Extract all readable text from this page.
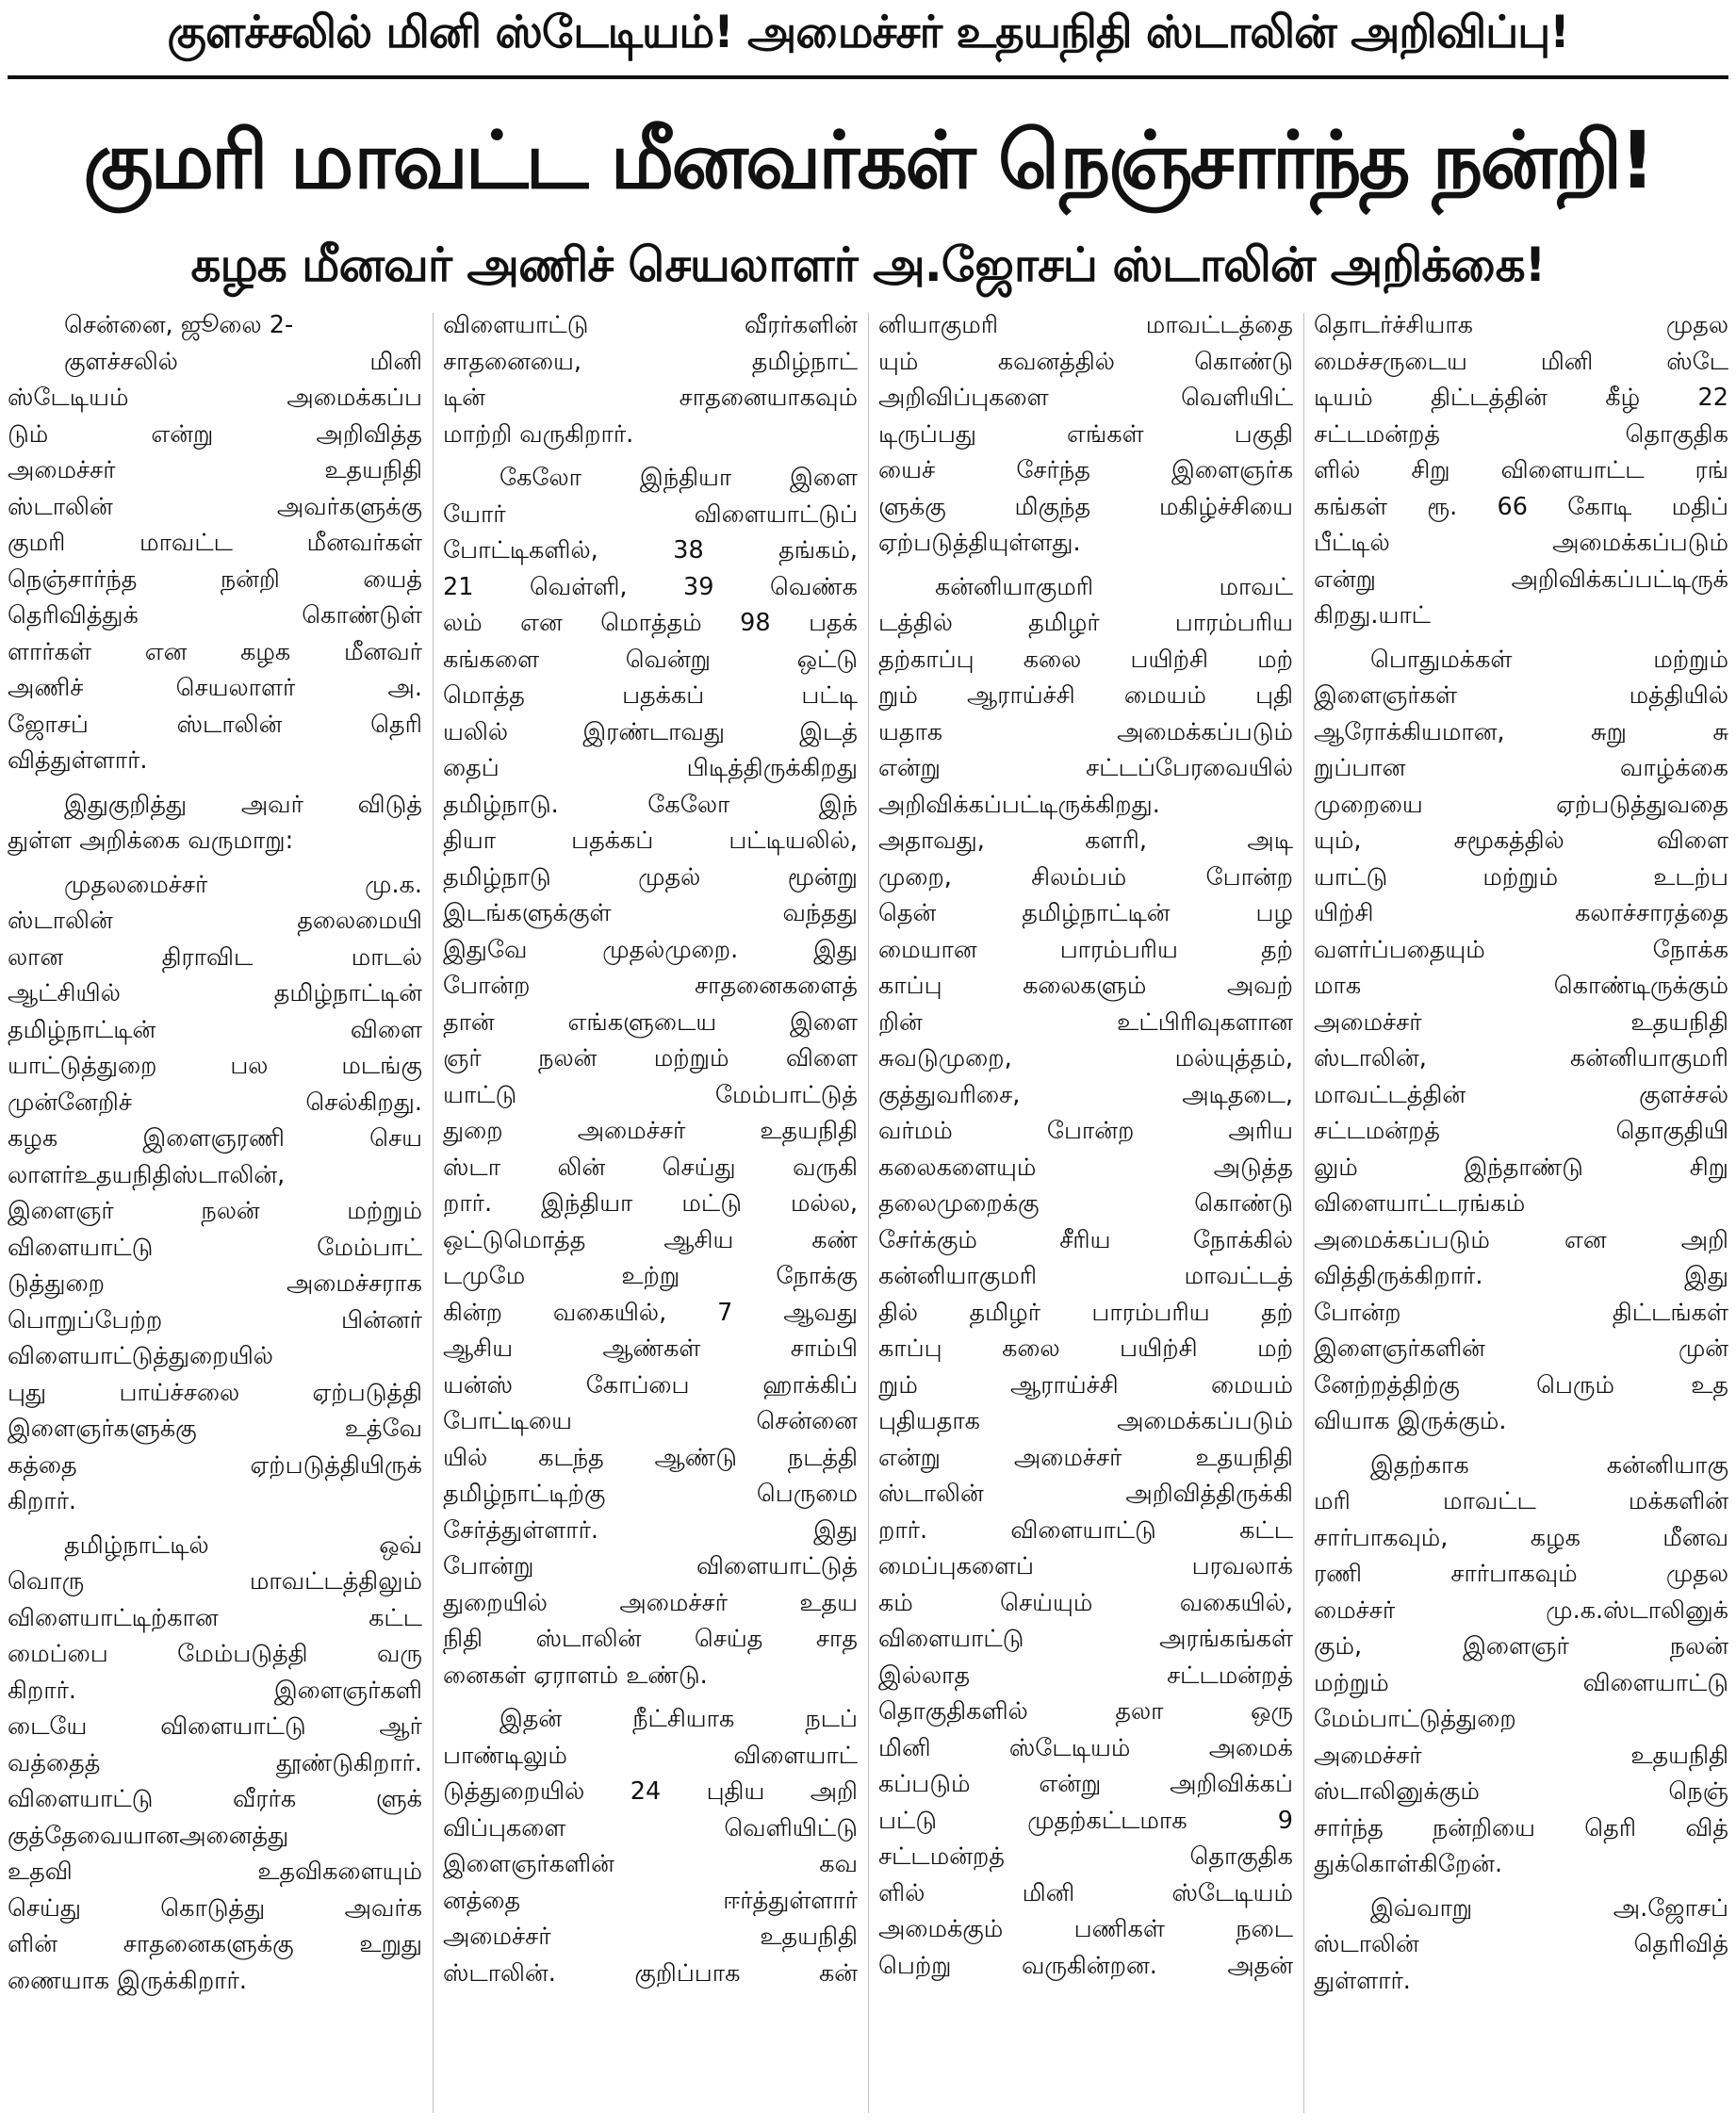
குளச்சலில் மினி ஸ்டேடியம்! அமைச்சர் உதயநிதி ஸ்டாலின் அறிவிப்பு!
குமரி மாவட்ட மீனவர்கள் நெஞ்சார்ந்த நன்றி!
கழக மீனவர் அணிச் செயலாளர் அ.ஜோசப் ஸ்டாலின் அறிக்கை!
சென்னை, ஜூலை 2-
குளச்சலில் மினி
ஸ்டேடியம் அமைக்கப்ப
டும் என்று அறிவித்த
அமைச்சர் உதயநிதி
ஸ்டாலின் அவர்களுக்கு
குமரி மாவட்ட மீனவர்கள்
நெஞ்சார்ந்த நன்றி யைத்
தெரிவித்துக் கொண்டுள்
ளார்கள் என கழக மீனவர்
அணிச் செயலாளர் அ.
ஜோசப் ஸ்டாலின் தெரி
வித்துள்ளார்.
இதுகுறித்து அவர் விடுத்
துள்ள அறிக்கை வருமாறு:
முதலமைச்சர் மு.க.
ஸ்டாலின் தலைமையி
லான திராவிட மாடல்
ஆட்சியில் தமிழ்நாட்டின்
தமிழ்நாட்டின் விளை
யாட்டுத்துறை பல மடங்கு
முன்னேறிச் செல்கிறது.
கழக இளைஞரணி செய
லாளர்உதயநிதிஸ்டாலின்,
இளைஞர் நலன் மற்றும்
விளையாட்டு மேம்பாட்
டுத்துறை அமைச்சராக
பொறுப்பேற்ற பின்னர்
விளையாட்டுத்துறையில்
புது பாய்ச்சலை ஏற்படுத்தி
இளைஞர்களுக்கு உத்வே
கத்தை ஏற்படுத்தியிருக்
கிறார்.
தமிழ்நாட்டில் ஒவ்
வொரு மாவட்டத்திலும்
விளையாட்டிற்கான கட்ட
மைப்பை மேம்படுத்தி வரு
கிறார். இளைஞர்களி
டையே விளையாட்டு ஆர்
வத்தைத் தூண்டுகிறார்.
விளையாட்டு வீரர்க ளுக்
குத்தேவையானஅனைத்து
உதவி உதவிகளையும்
செய்து கொடுத்து அவர்க
ளின் சாதனைகளுக்கு உறுது
ணையாக இருக்கிறார்.
விளையாட்டு வீரர்களின்
சாதனையை, தமிழ்நாட்
டின் சாதனையாகவும்
மாற்றி வருகிறார்.
கேலோ இந்தியா இளை
யோர் விளையாட்டுப்
போட்டிகளில், 38 தங்கம்,
21 வெள்ளி, 39 வெண்க
லம் என மொத்தம் 98 பதக்
கங்களை வென்று ஒட்டு
மொத்த பதக்கப் பட்டி
யலில் இரண்டாவது இடத்
தைப் பிடித்திருக்கிறது
தமிழ்நாடு. கேலோ இந்
தியா பதக்கப் பட்டியலில்,
தமிழ்நாடு முதல் மூன்று
இடங்களுக்குள் வந்தது
இதுவே முதல்முறை. இது
போன்ற சாதனைகளைத்
தான் எங்களுடைய இளை
ஞர் நலன் மற்றும் விளை
யாட்டு மேம்பாட்டுத்
துறை அமைச்சர் உதயநிதி
ஸ்டா லின் செய்து வருகி
றார். இந்தியா மட்டு மல்ல,
ஒட்டுமொத்த ஆசிய கண்
டமுமே உற்று நோக்கு
கின்ற வகையில், 7 ஆவது
ஆசிய ஆண்கள் சாம்பி
யன்ஸ் கோப்பை ஹாக்கிப்
போட்டியை சென்னை
யில் கடந்த ஆண்டு நடத்தி
தமிழ்நாட்டிற்கு பெருமை
சேர்த்துள்ளார். இது
போன்று விளையாட்டுத்
துறையில் அமைச்சர் உதய
நிதி ஸ்டாலின் செய்த சாத
னைகள் ஏராளம் உண்டு.
இதன் நீட்சியாக நடப்
பாண்டிலும் விளையாட்
டுத்துறையில் 24 புதிய அறி
விப்புகளை வெளியிட்டு
இளைஞர்களின் கவ
னத்தை ஈர்த்துள்ளார்
அமைச்சர் உதயநிதி
ஸ்டாலின். குறிப்பாக கன்
னியாகுமரி மாவட்டத்தை
யும் கவனத்தில் கொண்டு
அறிவிப்புகளை வெளியிட்
டிருப்பது எங்கள் பகுதி
யைச் சேர்ந்த இளைஞர்க
ளுக்கு மிகுந்த மகிழ்ச்சியை
ஏற்படுத்தியுள்ளது.
கன்னியாகுமரி மாவட்
டத்தில் தமிழர் பாரம்பரிய
தற்காப்பு கலை பயிற்சி மற்
றும் ஆராய்ச்சி மையம் புதி
யதாக அமைக்கப்படும்
என்று சட்டப்பேரவையில்
அறிவிக்கப்பட்டிருக்கிறது.
அதாவது, களரி, அடி
முறை, சிலம்பம் போன்ற
தென் தமிழ்நாட்டின் பழ
மையான பாரம்பரிய தற்
காப்பு கலைகளும் அவற்
றின் உட்பிரிவுகளான
சுவடுமுறை, மல்யுத்தம்,
குத்துவரிசை, அடிதடை,
வர்மம் போன்ற அரிய
கலைகளையும் அடுத்த
தலைமுறைக்கு கொண்டு
சேர்க்கும் சீரிய நோக்கில்
கன்னியாகுமரி மாவட்டத்
தில் தமிழர் பாரம்பரிய தற்
காப்பு கலை பயிற்சி மற்
றும் ஆராய்ச்சி மையம்
புதியதாக அமைக்கப்படும்
என்று அமைச்சர் உதயநிதி
ஸ்டாலின் அறிவித்திருக்கி
றார். விளையாட்டு கட்ட
மைப்புகளைப் பரவலாக்
கம் செய்யும் வகையில்,
விளையாட்டு அரங்கங்கள்
இல்லாத சட்டமன்றத்
தொகுதிகளில் தலா ஒரு
மினி ஸ்டேடியம் அமைக்
கப்படும் என்று அறிவிக்கப்
பட்டு முதற்கட்டமாக 9
சட்டமன்றத் தொகுதிக
ளில் மினி ஸ்டேடியம்
அமைக்கும் பணிகள் நடை
பெற்று வருகின்றன. அதன்
தொடர்ச்சியாக முதல
மைச்சருடைய மினி ஸ்டே
டியம் திட்டத்தின் கீழ் 22
சட்டமன்றத் தொகுதிக
ளில் சிறு விளையாட்ட ரங்
கங்கள் ரூ. 66 கோடி மதிப்
பீட்டில் அமைக்கப்படும்
என்று அறிவிக்கப்பட்டிருக்
கிறது.யாட்
பொதுமக்கள் மற்றும்
இளைஞர்கள் மத்தியில்
ஆரோக்கியமான, சுறு சு
றுப்பான வாழ்க்கை
முறையை ஏற்படுத்துவதை
யும், சமூகத்தில் விளை
யாட்டு மற்றும் உடற்ப
யிற்சி கலாச்சாரத்தை
வளர்ப்பதையும் நோக்க
மாக கொண்டிருக்கும்
அமைச்சர் உதயநிதி
ஸ்டாலின், கன்னியாகுமரி
மாவட்டத்தின் குளச்சல்
சட்டமன்றத் தொகுதியி
லும் இந்தாண்டு சிறு
விளையாட்டரங்கம்
அமைக்கப்படும் என அறி
வித்திருக்கிறார். இது
போன்ற திட்டங்கள்
இளைஞர்களின் முன்
னேற்றத்திற்கு பெரும் உத
வியாக இருக்கும்.
இதற்காக கன்னியாகு
மரி மாவட்ட மக்களின்
சார்பாகவும், கழக மீனவ
ரணி சார்பாகவும் முதல
மைச்சர் மு.க.ஸ்டாலினுக்
கும், இளைஞர் நலன்
மற்றும் விளையாட்டு
மேம்பாட்டுத்துறை
அமைச்சர் உதயநிதி
ஸ்டாலினுக்கும் நெஞ்
சார்ந்த நன்றியை தெரி வித்
துக்கொள்கிறேன்.
இவ்வாறு அ.ஜோசப்
ஸ்டாலின் தெரிவித்
துள்ளார்.
